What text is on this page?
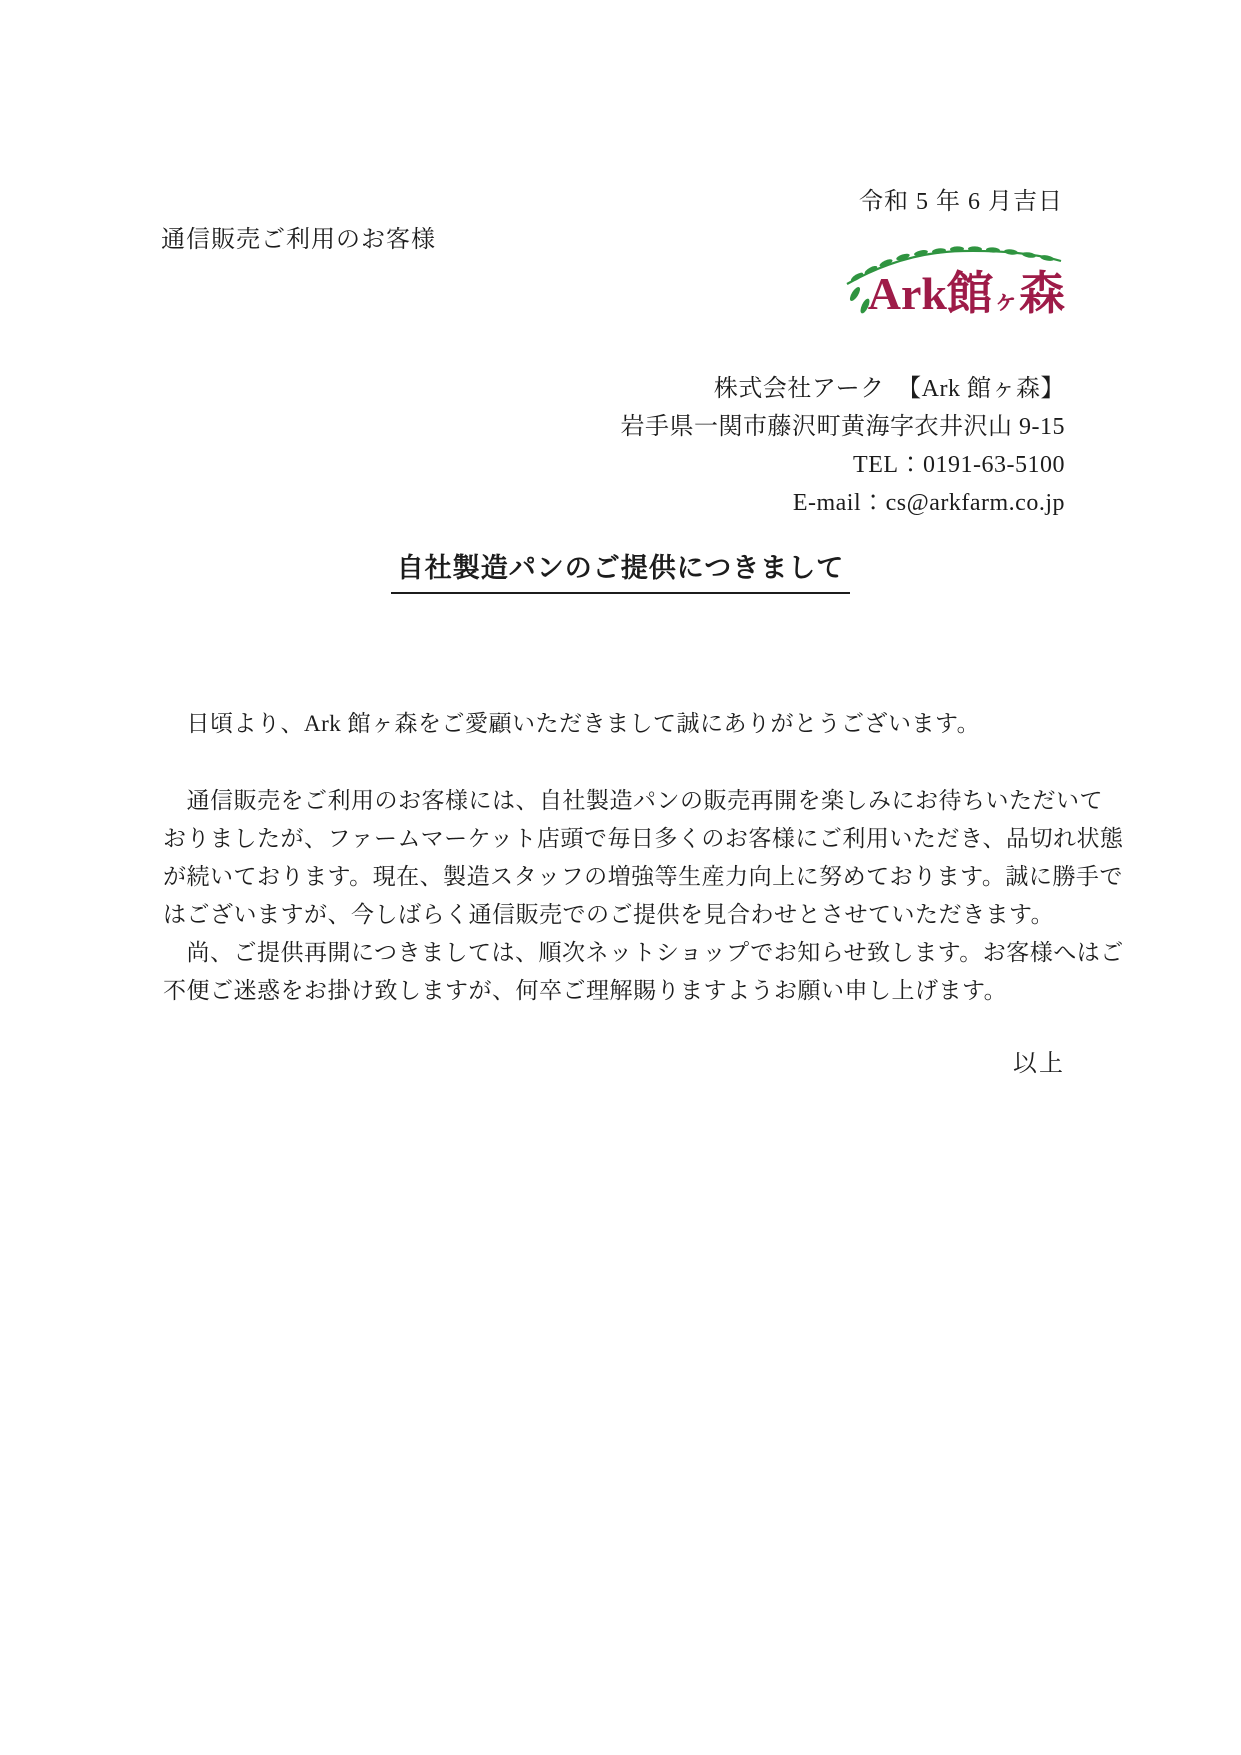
令和 5 年 6 月吉日
通信販売ご利用のお客様
Ark館ヶ森
株式会社アーク　【Ark 館ヶ森】
岩手県一関市藤沢町黄海字衣井沢山 9-15
TEL：0191-63-5100
E-mail：cs@arkfarm.co.jp
自社製造パンのご提供につきまして
　日頃より、Ark 館ヶ森をご愛顧いただきまして誠にありがとうございます。
　通信販売をご利用のお客様には、自社製造パンの販売再開を楽しみにお待ちいただいて
おりましたが、ファームマーケット店頭で毎日多くのお客様にご利用いただき、品切れ状態
が続いております。現在、製造スタッフの増強等生産力向上に努めております。誠に勝手で
はございますが、今しばらく通信販売でのご提供を見合わせとさせていただきます。
　尚、ご提供再開につきましては、順次ネットショップでお知らせ致します。お客様へはご
不便ご迷惑をお掛け致しますが、何卒ご理解賜りますようお願い申し上げます。
以上
